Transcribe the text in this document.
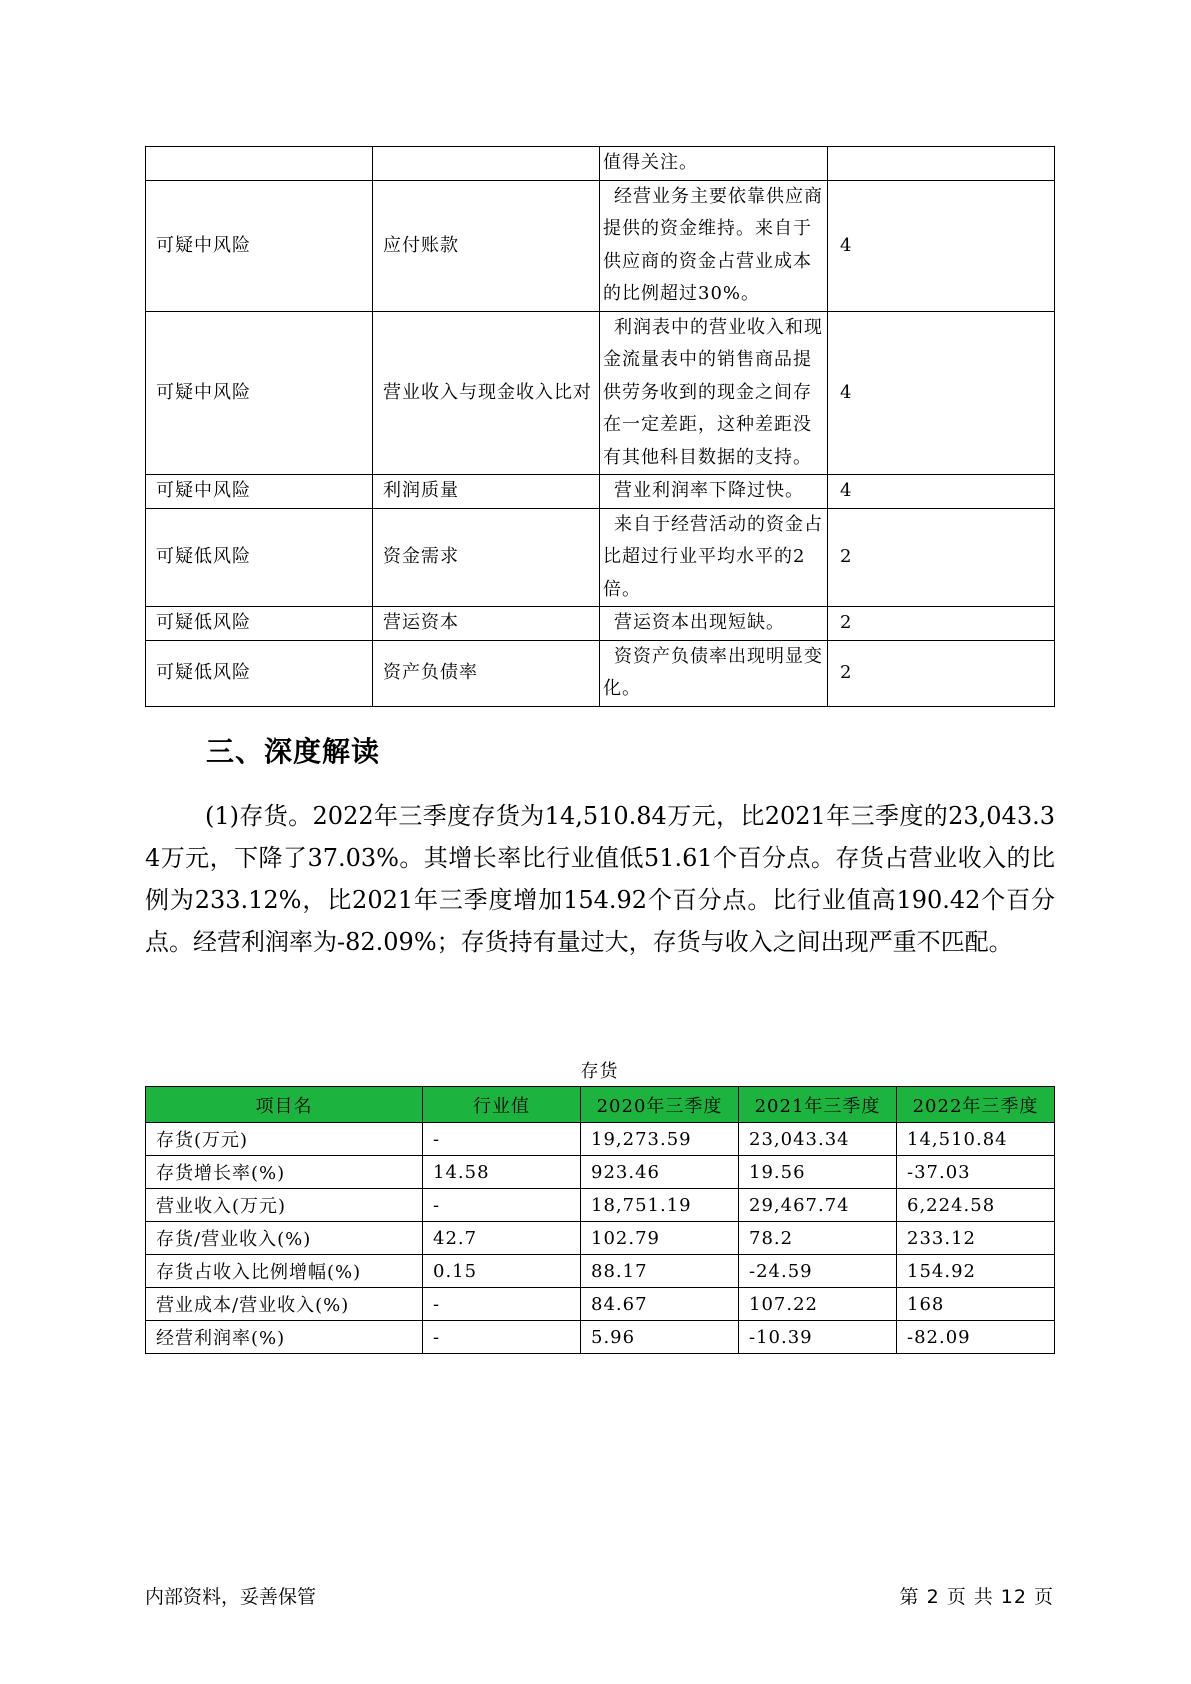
		值得关注。	
可疑中风险	应付账款	经营业务主要依靠供应商提供的资金维持。来自于供应商的资金占营业成本的比例超过30%。	4
可疑中风险	营业收入与现金收入比对	利润表中的营业收入和现金流量表中的销售商品提供劳务收到的现金之间存在一定差距，这种差距没有其他科目数据的支持。	4
可疑中风险	利润质量	营业利润率下降过快。	4
可疑低风险	资金需求	来自于经营活动的资金占比超过行业平均水平的2倍。	2
可疑低风险	营运资本	营运资本出现短缺。	2
可疑低风险	资产负债率	资资产负债率出现明显变化。	2
三、深度解读

(1)存货。2022年三季度存货为14,510.84万元，比2021年三季度的23,043.34万元，下降了37.03%。其增长率比行业值低51.61个百分点。存货占营业收入的比例为233.12%，比2021年三季度增加154.92个百分点。比行业值高190.42个百分点。经营利润率为-82.09%；存货持有量过大，存货与收入之间出现严重不匹配。

存货
项目名	行业值	2020年三季度	2021年三季度	2022年三季度
存货(万元)	-	19,273.59	23,043.34	14,510.84
存货增长率(%)	14.58	923.46	19.56	-37.03
营业收入(万元)	-	18,751.19	29,467.74	6,224.58
存货/营业收入(%)	42.7	102.79	78.2	233.12
存货占收入比例增幅(%)	0.15	88.17	-24.59	154.92
营业成本/营业收入(%)	-	84.67	107.22	168
经营利润率(%)	-	5.96	-10.39	-82.09
内部资料，妥善保管	第 2 页 共 12 页
